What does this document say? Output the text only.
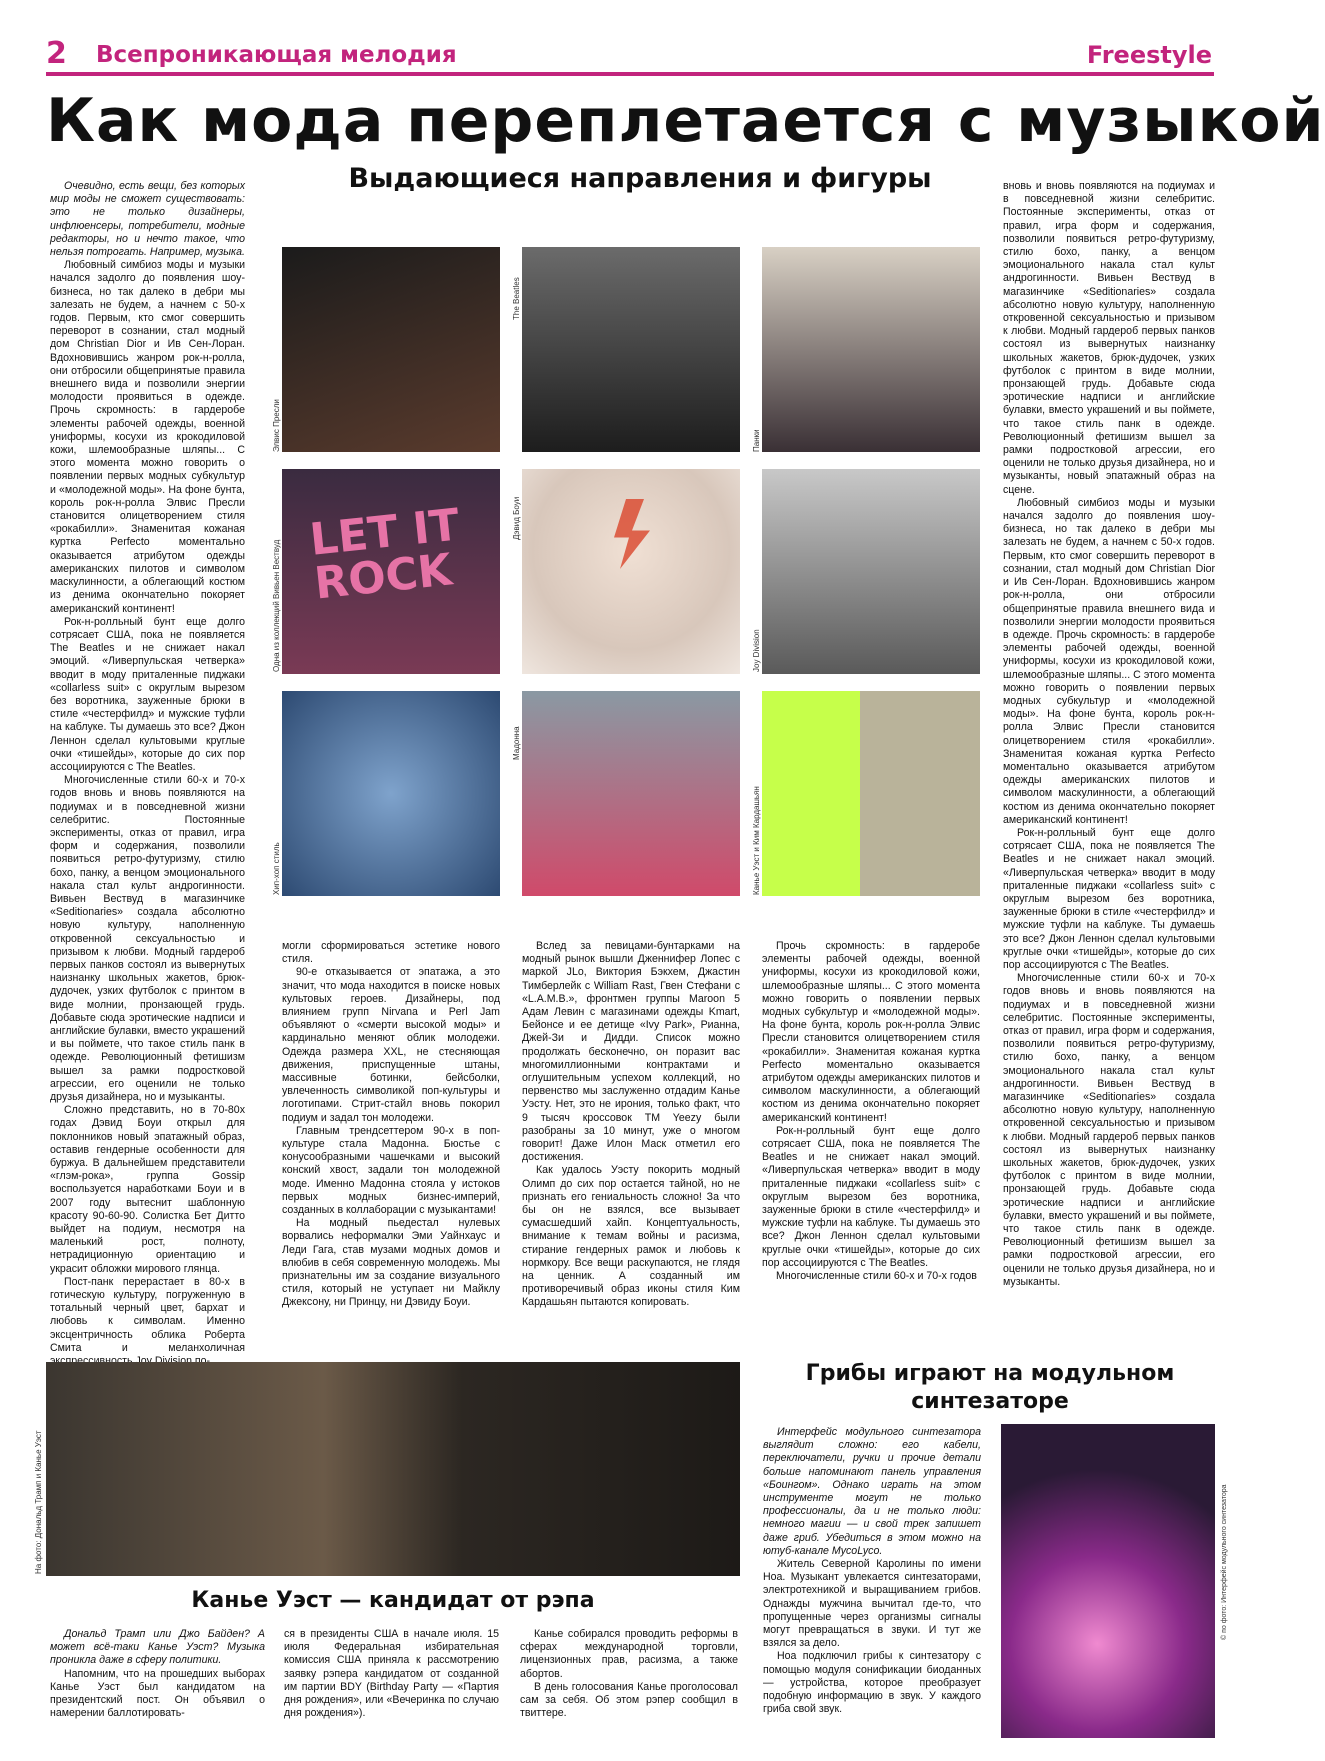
2 Всепроникающая мелодия	Freestyle
Как мода переплетается с музыкой
Выдающиеся направления и фигуры

Очевидно, есть вещи, без которых мир моды не сможет существовать: это не только дизайнеры, инфлюенсеры, потребители, модные редакторы, но и нечто такое, что нельзя потрогать. Например, музыка.

Любовный симбиоз моды и музыки начался задолго до появления шоу-бизнеса, но так далеко в дебри мы залезать не будем, а начнем с 50-х годов. Первым, кто смог совершить переворот в сознании, стал модный дом Christian Dior и Ив Сен-Лоран. Вдохновившись жанром рок-н-ролла, они отбросили общепринятые правила внешнего вида и позволили энергии молодости проявиться в одежде. Прочь скромность: в гардеробе элементы рабочей одежды, военной униформы, косухи из крокодиловой кожи, шлемообразные шляпы... С этого момента можно говорить о появлении первых модных субкультур и «молодежной моды». На фоне бунта, король рок-н-ролла Элвис Пресли становится олицетворением стиля «рокабилли». Знаменитая кожаная куртка Perfecto моментально оказывается атрибутом одежды американских пилотов и символом маскулинности, а облегающий костюм из денима окончательно покоряет американский континент!

Рок-н-ролльный бунт еще долго сотрясает США, пока не появляется The Beatles и не снижает накал эмоций. «Ливерпульская четверка» вводит в моду приталенные пиджаки «collarless suit» с округлым вырезом без воротника, зауженные брюки в стиле «честерфилд» и мужские туфли на каблуке. Ты думаешь это все? Джон Леннон сделал культовыми круглые очки «тишейды», которые до сих пор ассоциируются с The Beatles.

Многочисленные стили 60-х и 70-х годов вновь и вновь появляются на подиумах и в повседневной жизни селебритис. Постоянные эксперименты, отказ от правил, игра форм и содержания, позволили появиться ретро-футуризму, стилю бохо, панку, а венцом эмоционального накала стал культ андрогинности. Вивьен Вествуд в магазинчике «Seditionaries» создала абсолютно новую культуру, наполненную откровенной сексуальностью и призывом к любви. Модный гардероб первых панков состоял из вывернутых наизнанку школьных жакетов, брюк-дудочек, узких футболок с принтом в виде молнии, пронзающей грудь. Добавьте сюда эротические надписи и английские булавки, вместо украшений и вы поймете, что такое стиль панк в одежде. Революционный фетишизм вышел за рамки подростковой агрессии, его оценили не только друзья дизайнера, но и музыканты.

Сложно представить, но в 70-80х годах Дэвид Боуи открыл для поклонников новый эпатажный образ, оставив гендерные особенности для буржуа. В дальнейшем представители «глэм-рока», группа Gossip воспользуется наработками Боуи и в 2007 году вытеснит шаблонную красоту 90-60-90. Солистка Бет Дитто выйдет на подиум, несмотря на маленький рост, полноту, нетрадиционную ориентацию и украсит обложки мирового глянца.

Пост-панк перерастает в 80-х в готическую культуру, погруженную в тотальный черный цвет, бархат и любовь к символам. Именно эксцентричность облика Роберта Смита и меланхоличная

LET IT ROCK
Элвис Пресли
The Beatles
Панки
Одна из коллекций Вивьен Вествуд
Дэвид Боуи
Joy Division
Хип-хоп стиль
Мадонна
Канье Уэст и Ким Кардашьян

могли сформироваться эстетике нового стиля.

90-е отказывается от эпатажа, а это значит, что мода находится в поиске новых культовых героев. Дизайнеры, под влиянием групп Nirvana и Perl Jam объявляют о «смерти высокой моды» и кардинально меняют облик молодежи. Одежда размера XXL, не стесняющая движения, приспущенные штаны, массивные ботинки, бейсболки, увлеченность символикой поп-культуры и логотипами. Стрит-стайл вновь покорил подиум и задал тон молодежи.

Главным трендсеттером 90-х в поп-культуре стала Мадонна. Бюстье с конусообразными чашечками и высокий конский хвост, задали тон молодежной моде. Именно Мадонна стояла у истоков первых модных бизнес-империй, созданных в коллаборации с музыкантами!

На модный пьедестал нулевых ворвались неформалки Эми Уайнхаус и Леди Гага, став музами модных домов и влюбив в себя современную молодежь. Мы признательны им за создание визуального стиля, который не уступает ни Майклу Джексону, ни Принцу, ни Дэвиду Боуи.

Вслед за певицами-бунтарками на модный рынок вышли Дженнифер Лопес с маркой JLo, Виктория Бэкхем, Джастин Тимберлейк с William Rast, Гвен Стефани с «L.A.M.B.», фронтмен группы Maroon 5 Адам Левин с магазинами одежды Kmart, Бейонсе и ее детище «Ivy Park», Рианна, Джей-Зи и Дидди. Список можно продолжать бесконечно, он поразит вас многомиллионными контрактами и оглушительным успехом коллекций, но первенство мы заслуженно отдадим Канье Уэсту. Нет, это не ирония, только факт, что 9 тысяч кроссовок TM Yeezy были разобраны за 10 минут, уже о многом говорит! Даже Илон Маск отметил его достижения.

Как удалось Уэсту покорить модный Олимп до сих пор остается тайной, но не признать его гениальность сложно! За что бы он не взялся, все вызывает сумасшедший хайп. Концептуальность, внимание к темам войны и расизма, стирание гендерных рамок и любовь к нормкору. Все вещи раскупаются, не глядя на ценник. А созданный им противоречивый образ иконы стиля Ким Кардашьян пытаются копировать.

Прочь скромность: в гардеробе элементы рабочей одежды, военной униформы, косухи из крокодиловой кожи, шлемообразные шляпы... С этого момента можно говорить о появлении первых модных субкультур и «молодежной моды». На фоне бунта, король рок-н-ролла Элвис Пресли становится олицетворением стиля «рокабилли». Знаменитая кожаная куртка Perfecto моментально оказывается атрибутом одежды американских пилотов и символом маскулинности, а облегающий костюм из денима окончательно покоряет американский континент!

Рок-н-ролльный бунт еще долго сотрясает США, пока не появляется The Beatles и не снижает накал эмоций. «Ливерпульская четверка» вводит в моду приталенные пиджаки «collarless suit» с округлым вырезом без воротника, зауженные брюки в стиле «честерфилд» и мужские туфли на каблуке. Ты думаешь это все? Джон Леннон сделал культовыми круглые очки «тишейды», которые до сих пор ассоциируются с The Beatles.

Многочисленные стили 60-х и 70-х годов

вновь и вновь появляются на подиумах и в повседневной жизни селебритис. Постоянные эксперименты, отказ от правил, игра форм и содержания, позволили появиться ретро-футуризму, стилю бохо, панку, а венцом эмоционального накала стал культ андрогинности. Вивьен Вествуд в магазинчике «Seditionaries» создала абсолютно новую культуру, наполненную откровенной сексуальностью и призывом к любви. Модный гардероб первых панков состоял из вывернутых наизнанку школьных жакетов, брюк-дудочек, узких футболок с принтом в виде молнии, пронзающей грудь. Добавьте сюда эротические надписи и английские булавки, вместо украшений и вы поймете, что такое стиль панк в одежде. Революционный фетишизм вышел за рамки подростковой агрессии, его оценили не только друзья дизайнера, но и музыканты, новый эпатажный образ на сцене.

Любовный симбиоз моды и музыки начался задолго до появления шоу-бизнеса, но так далеко в дебри мы залезать не будем, а начнем с 50-х годов. Первым, кто смог совершить переворот в сознании, стал модный дом Christian Dior и Ив Сен-Лоран. Вдохновившись жанром рок-н-ролла, они отбросили общепринятые правила внешнего вида и позволили энергии молодости проявиться в одежде. Прочь скромность: в гардеробе элементы рабочей одежды, военной униформы, косухи из крокодиловой кожи, шлемообразные шляпы... С этого момента можно говорить о появлении первых модных субкультур и «молодежной моды». На фоне бунта, король рок-н-ролла Элвис Пресли становится олицетворением стиля «рокабилли». Знаменитая кожаная куртка Perfecto моментально оказывается атрибутом одежды американских пилотов и символом маскулинности, а облегающий костюм из денима окончательно покоряет американский континент!

Рок-н-ролльный бунт еще долго сотрясает США, пока не появляется The Beatles и не снижает накал эмоций. «Ливерпульская четверка» вводит в моду приталенные пиджаки «collarless suit» с округлым вырезом без воротника, зауженные брюки в стиле «честерфилд» и мужские туфли на каблуке. Ты думаешь это все? Джон Леннон сделал культовыми круглые очки «тишейды», которые до сих пор ассоциируются с The Beatles.

Многочисленные стили 60-х и 70-х годов вновь и вновь появляются на подиумах и в повседневной жизни селебритис. Постоянные эксперименты, отказ от правил, игра форм и содержания, позволили появиться ретро-футуризму, стилю бохо, панку, а венцом эмоционального накала стал культ андрогинности. Вивьен Вествуд в магазинчике «Seditionaries» создала абсолютно новую культуру, наполненную откровенной сексуальностью и призывом к любви. Модный гардероб первых панков состоял из вывернутых наизнанку школьных жакетов, брюк-дудочек, узких футболок с принтом в виде молнии, пронзающей грудь. Добавьте сюда эротические надписи и английские булавки, вместо украшений и вы поймете, что такое стиль панк в одежде. Революционный фетишизм вышел за рамки подростковой агрессии, его оценили не только друзья дизайнера, но и музыканты.

На фото: Дональд Трамп и Канье Уэст
Канье Уэст — кандидат от рэпа

Дональд Трамп или Джо Байден? А может всё-таки Канье Уэст? Музыка проникла даже в сферу политики.

Напомним, что на прошедших выборах Канье Уэст был кандидатом на президентский пост. Он объявил о намерении баллотировать-

ся в президенты США в начале июля. 15 июля Федеральная избирательная комиссия США приняла к рассмотрению заявку рэпера кандидатом от созданной им партии BDY (Birthday Party — «Партия дня рождения», или «Вечеринка по случаю дня рождения»).

Канье собирался проводить реформы в сферах международной торговли, лицензионных прав, расизма, а также абортов.

В день голосования Канье проголосовал сам за себя. Об этом рэпер сообщил в твиттере.

Грибы играют на модульном синтезаторе

Интерфейс модульного синтезатора выглядит сложно: его кабели, переключатели, ручки и прочие детали больше напоминают панель управления «Боингом». Однако играть на этом инструменте могут не только профессионалы, да и не только люди: немного магии — и свой трек запишет даже гриб. Убедиться в этом можно на ютуб-канале MycoLyco.

Житель Северной Каролины по имени Ноа. Музыкант увлекается синтезаторами, электротехникой и выращиванием грибов. Однажды мужчина вычитал где-то, что пропущенные через организмы сигналы могут превращаться в звуки. И тут же взялся за дело.

Ноа подключил грибы к синтезатору с помощью модуля сонификации биоданных — устройства, которое преобразует подобную информацию в звук. У каждого гриба свой звук.

© по фото: Интерфейс модульного синтезатора
